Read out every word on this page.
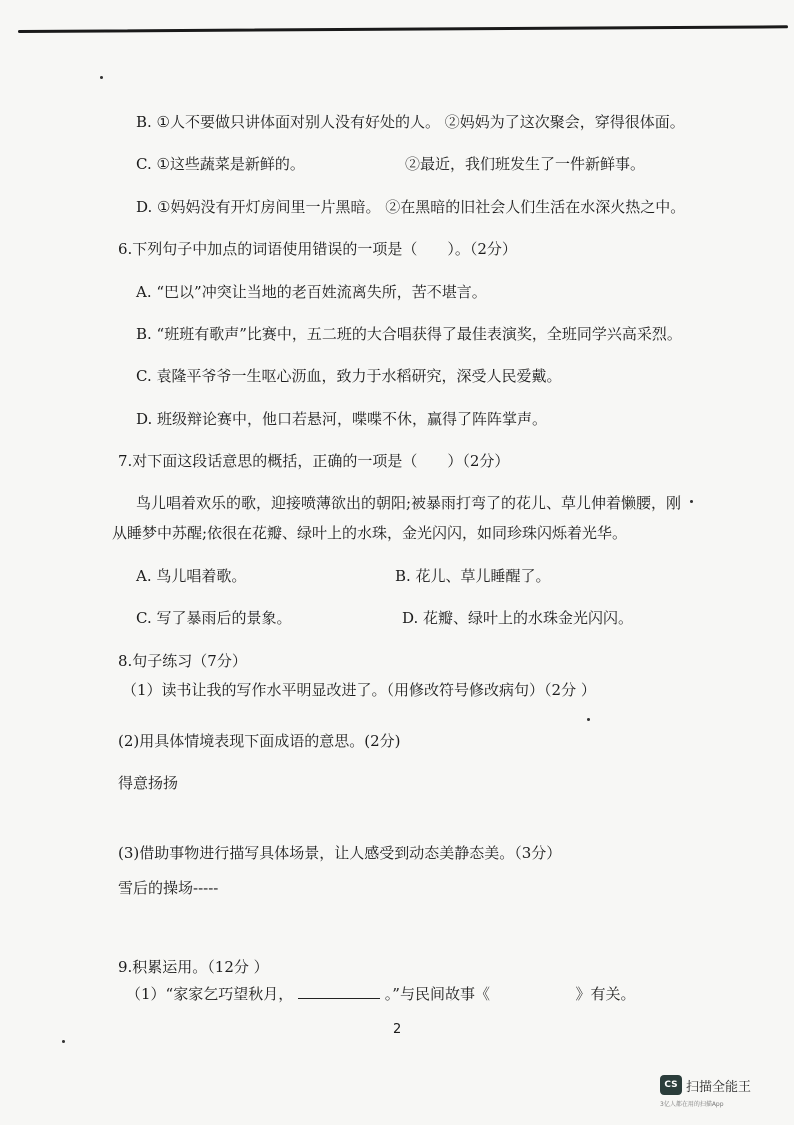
B. ①人不要做只讲体面对别人没有好处的人。 ②妈妈为了这次聚会，穿得很体面。
C. ①这些蔬菜是新鲜的。	②最近，我们班发生了一件新鲜事。
D. ①妈妈没有开灯房间里一片黑暗。 ②在黑暗的旧社会人们生活在水深火热之中。
6.下列句子中加点的词语使用错误的一项是（　　）。（2分）
A. “巴以”冲突让当地的老百姓流离失所，苦不堪言。
B. “班班有歌声”比赛中，五二班的大合唱获得了最佳表演奖，全班同学兴高采烈。
C. 袁隆平爷爷一生呕心沥血，致力于水稻研究，深受人民爱戴。
D. 班级辩论赛中，他口若悬河，喋喋不休，赢得了阵阵掌声。
7.对下面这段话意思的概括，正确的一项是（　　）（2分）
鸟儿唱着欢乐的歌，迎接喷薄欲出的朝阳;被暴雨打弯了的花儿、草儿伸着懒腰，刚
从睡梦中苏醒;依很在花瓣、绿叶上的水珠，金光闪闪，如同珍珠闪烁着光华。
A. 鸟儿唱着歌。	B. 花儿、草儿睡醒了。
C. 写了暴雨后的景象。	D. 花瓣、绿叶上的水珠金光闪闪。
8.句子练习（7分）
（1）读书让我的写作水平明显改进了。（用修改符号修改病句）（2分 ）
(2)用具体情境表现下面成语的意思。(2分)
得意扬扬
(3)借助事物进行描写具体场景，让人感受到动态美静态美。（3分）
雪后的操场-----
9.积累运用。（12分 ）
（1）“家家乞巧望秋月，	。”与民间故事《	》有关。
2
CS 扫描全能王
3亿人都在用的扫描App
